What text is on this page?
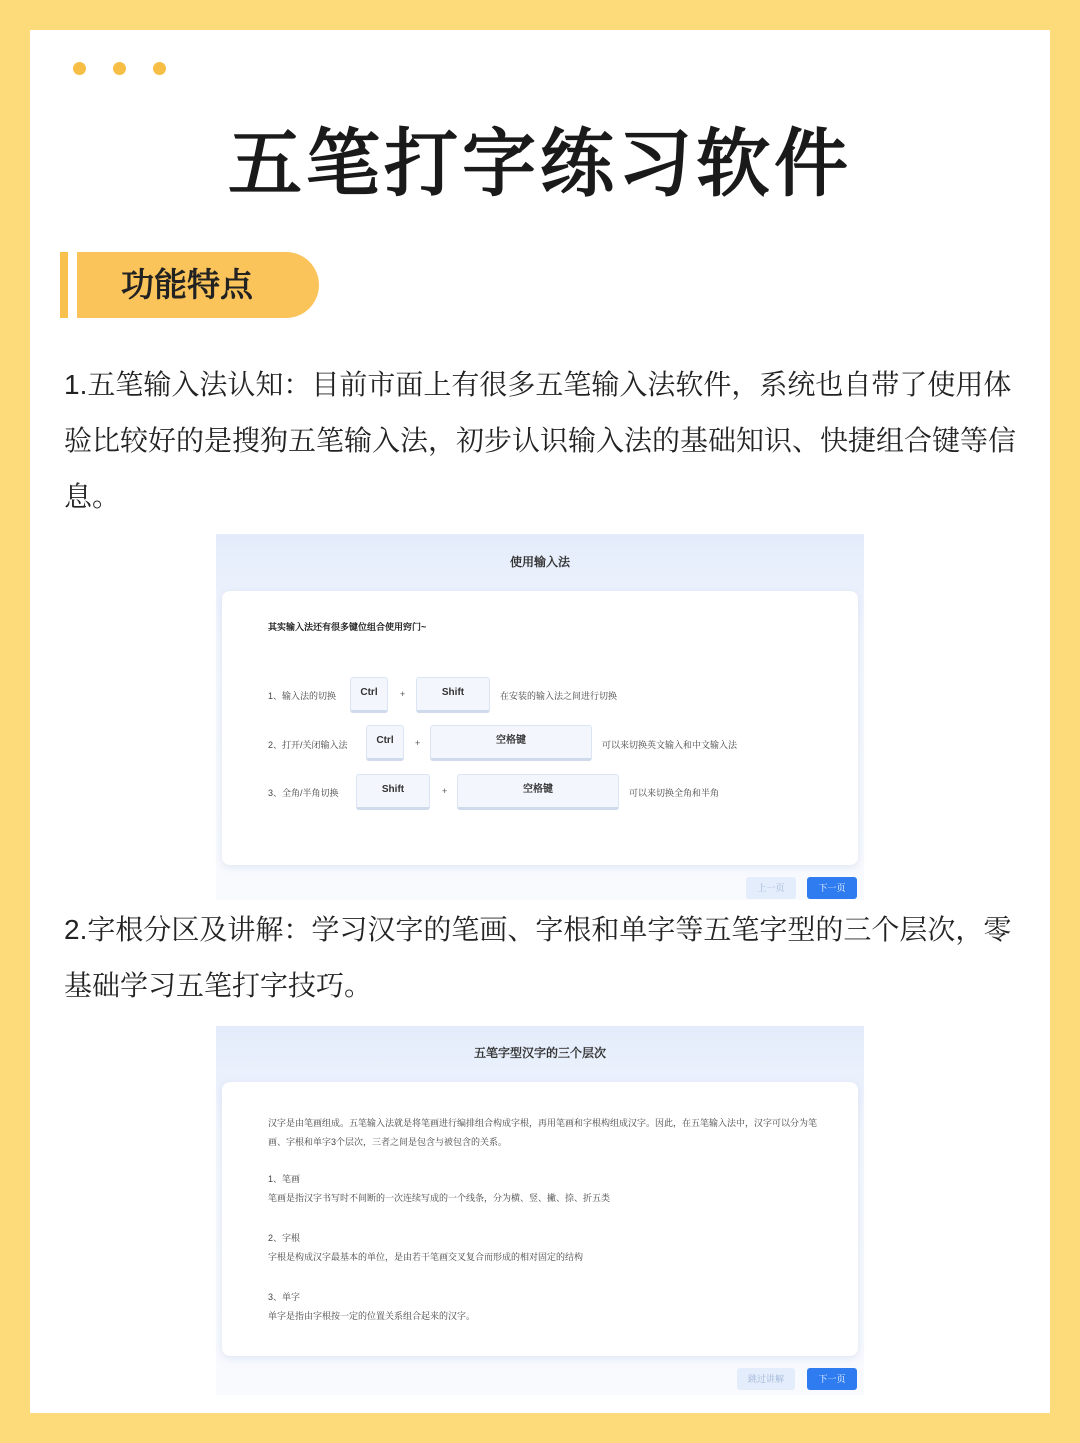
五笔打字练习软件
功能特点
1.五笔输入法认知：目前市面上有很多五笔输入法软件，系统也自带了使用体验比较好的是搜狗五笔输入法，初步认识输入法的基础知识、快捷组合键等信息。
使用输入法
其实输入法还有很多键位组合使用窍门~
1、输入法的切换	Ctrl	+	Shift	在安装的输入法之间进行切换
2、打开/关闭输入法	Ctrl	+	空格键	可以来切换英文输入和中文输入法
3、全角/半角切换	Shift	+	空格键	可以来切换全角和半角
上一页	下一页
2.字根分区及讲解：学习汉字的笔画、字根和单字等五笔字型的三个层次，零基础学习五笔打字技巧。
五笔字型汉字的三个层次
汉字是由笔画组成。五笔输入法就是将笔画进行编排组合构成字根，再用笔画和字根构组成汉字。因此，在五笔输入法中，汉字可以分为笔画、字根和单字3个层次，三者之间是包含与被包含的关系。
1、笔画
笔画是指汉字书写时不间断的一次连续写成的一个线条，分为横、竖、撇、捺、折五类
2、字根
字根是构成汉字最基本的单位，是由若干笔画交叉复合而形成的相对固定的结构
3、单字
单字是指由字根按一定的位置关系组合起来的汉字。
跳过讲解	下一页
